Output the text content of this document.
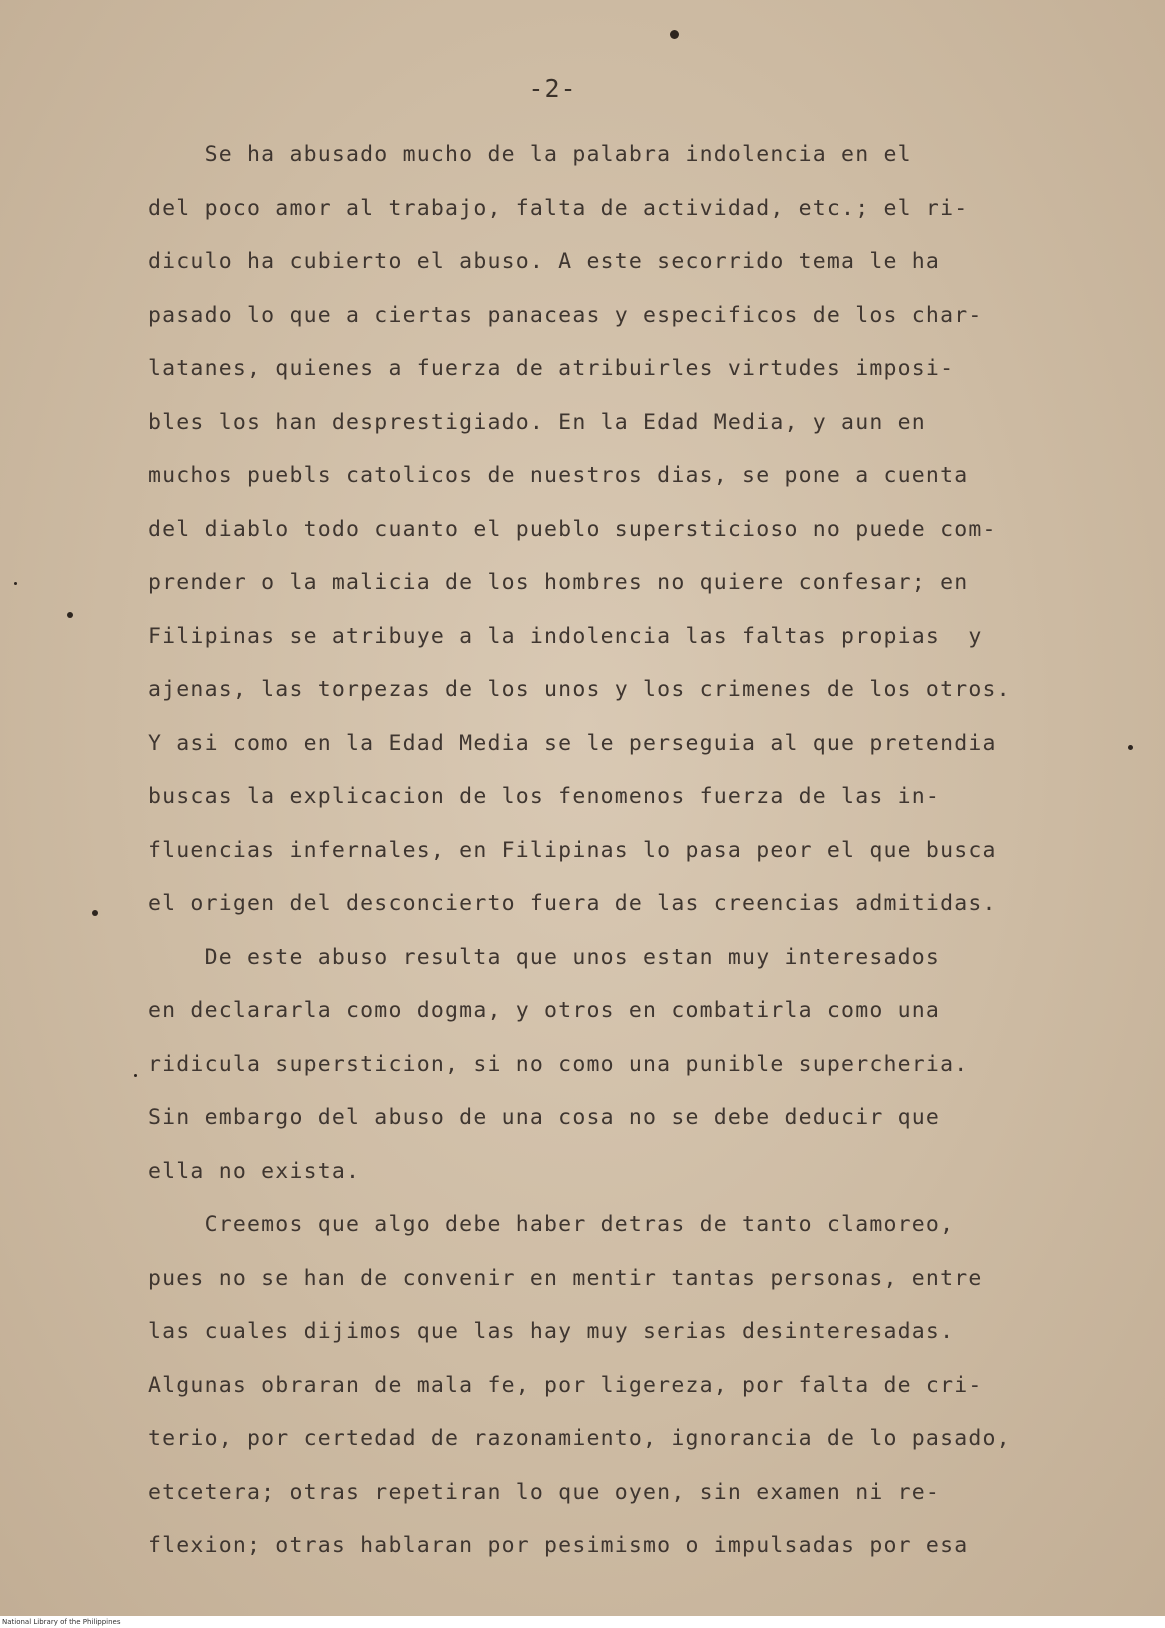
-2-
Se ha abusado mucho de la palabra indolencia en el
del poco amor al trabajo, falta de actividad, etc.; el ri-
diculo ha cubierto el abuso. A este secorrido tema le ha
pasado lo que a ciertas panaceas y especificos de los char-
latanes, quienes a fuerza de atribuirles virtudes imposi-
bles los han desprestigiado. En la Edad Media, y aun en
muchos puebls catolicos de nuestros dias, se pone a cuenta
del diablo todo cuanto el pueblo supersticioso no puede com-
prender o la malicia de los hombres no quiere confesar; en
Filipinas se atribuye a la indolencia las faltas propias  y
ajenas, las torpezas de los unos y los crimenes de los otros.
Y asi como en la Edad Media se le perseguia al que pretendia
buscas la explicacion de los fenomenos fuerza de las in-
fluencias infernales, en Filipinas lo pasa peor el que busca
el origen del desconcierto fuera de las creencias admitidas.
De este abuso resulta que unos estan muy interesados
en declararla como dogma, y otros en combatirla como una
ridicula supersticion, si no como una punible supercheria.
Sin embargo del abuso de una cosa no se debe deducir que
ella no exista.
Creemos que algo debe haber detras de tanto clamoreo,
pues no se han de convenir en mentir tantas personas, entre
las cuales dijimos que las hay muy serias desinteresadas.
Algunas obraran de mala fe, por ligereza, por falta de cri-
terio, por certedad de razonamiento, ignorancia de lo pasado,
etcetera; otras repetiran lo que oyen, sin examen ni re-
flexion; otras hablaran por pesimismo o impulsadas por esa
National Library of the Philippines
